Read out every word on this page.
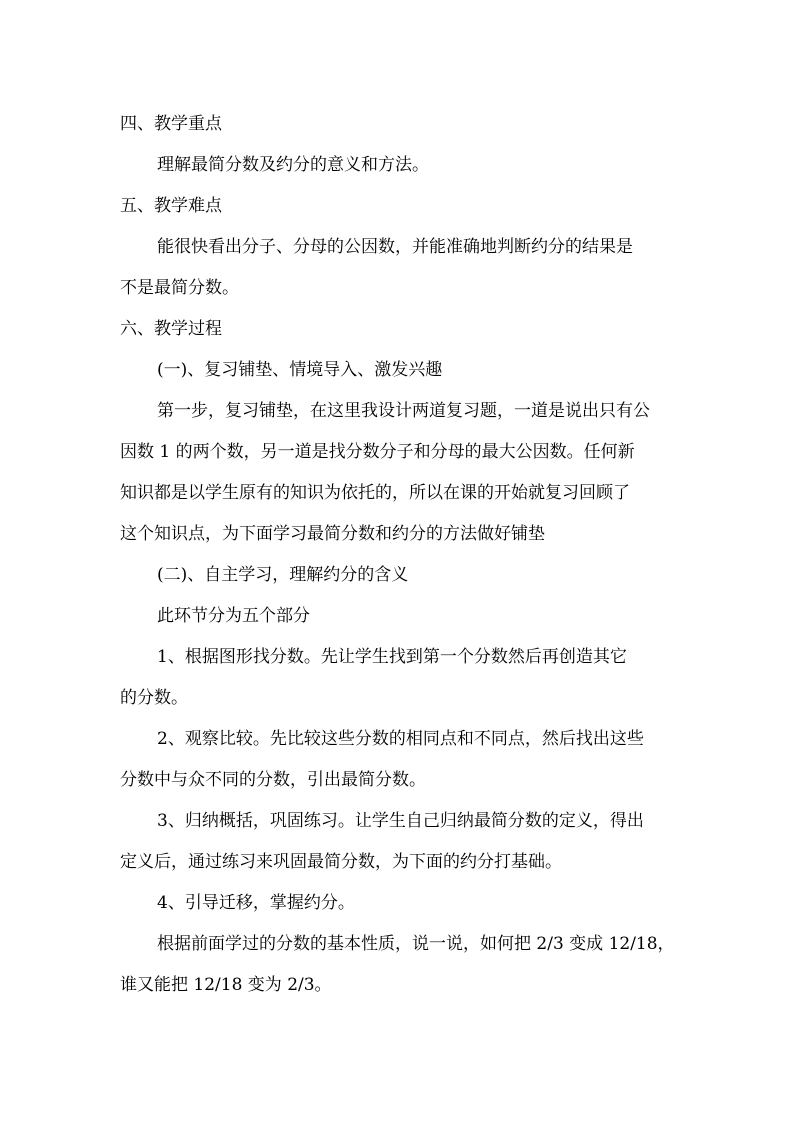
四、教学重点
理解最简分数及约分的意义和方法。
五、教学难点
能很快看出分子、分母的公因数，并能准确地判断约分的结果是
不是最简分数。
六、教学过程
(一)、复习铺垫、情境导入、激发兴趣
第一步，复习铺垫，在这里我设计两道复习题，一道是说出只有公
因数 1 的两个数，另一道是找分数分子和分母的最大公因数。任何新
知识都是以学生原有的知识为依托的，所以在课的开始就复习回顾了
这个知识点，为下面学习最简分数和约分的方法做好铺垫
(二)、自主学习，理解约分的含义
此环节分为五个部分
1、根据图形找分数。先让学生找到第一个分数然后再创造其它
的分数。
2、观察比较。先比较这些分数的相同点和不同点，然后找出这些
分数中与众不同的分数，引出最简分数。
3、归纳概括，巩固练习。让学生自己归纳最简分数的定义，得出
定义后，通过练习来巩固最简分数，为下面的约分打基础。
4、引导迁移，掌握约分。
根据前面学过的分数的基本性质，说一说，如何把 2/3 变成 12/18，
谁又能把 12/18 变为 2/3。
